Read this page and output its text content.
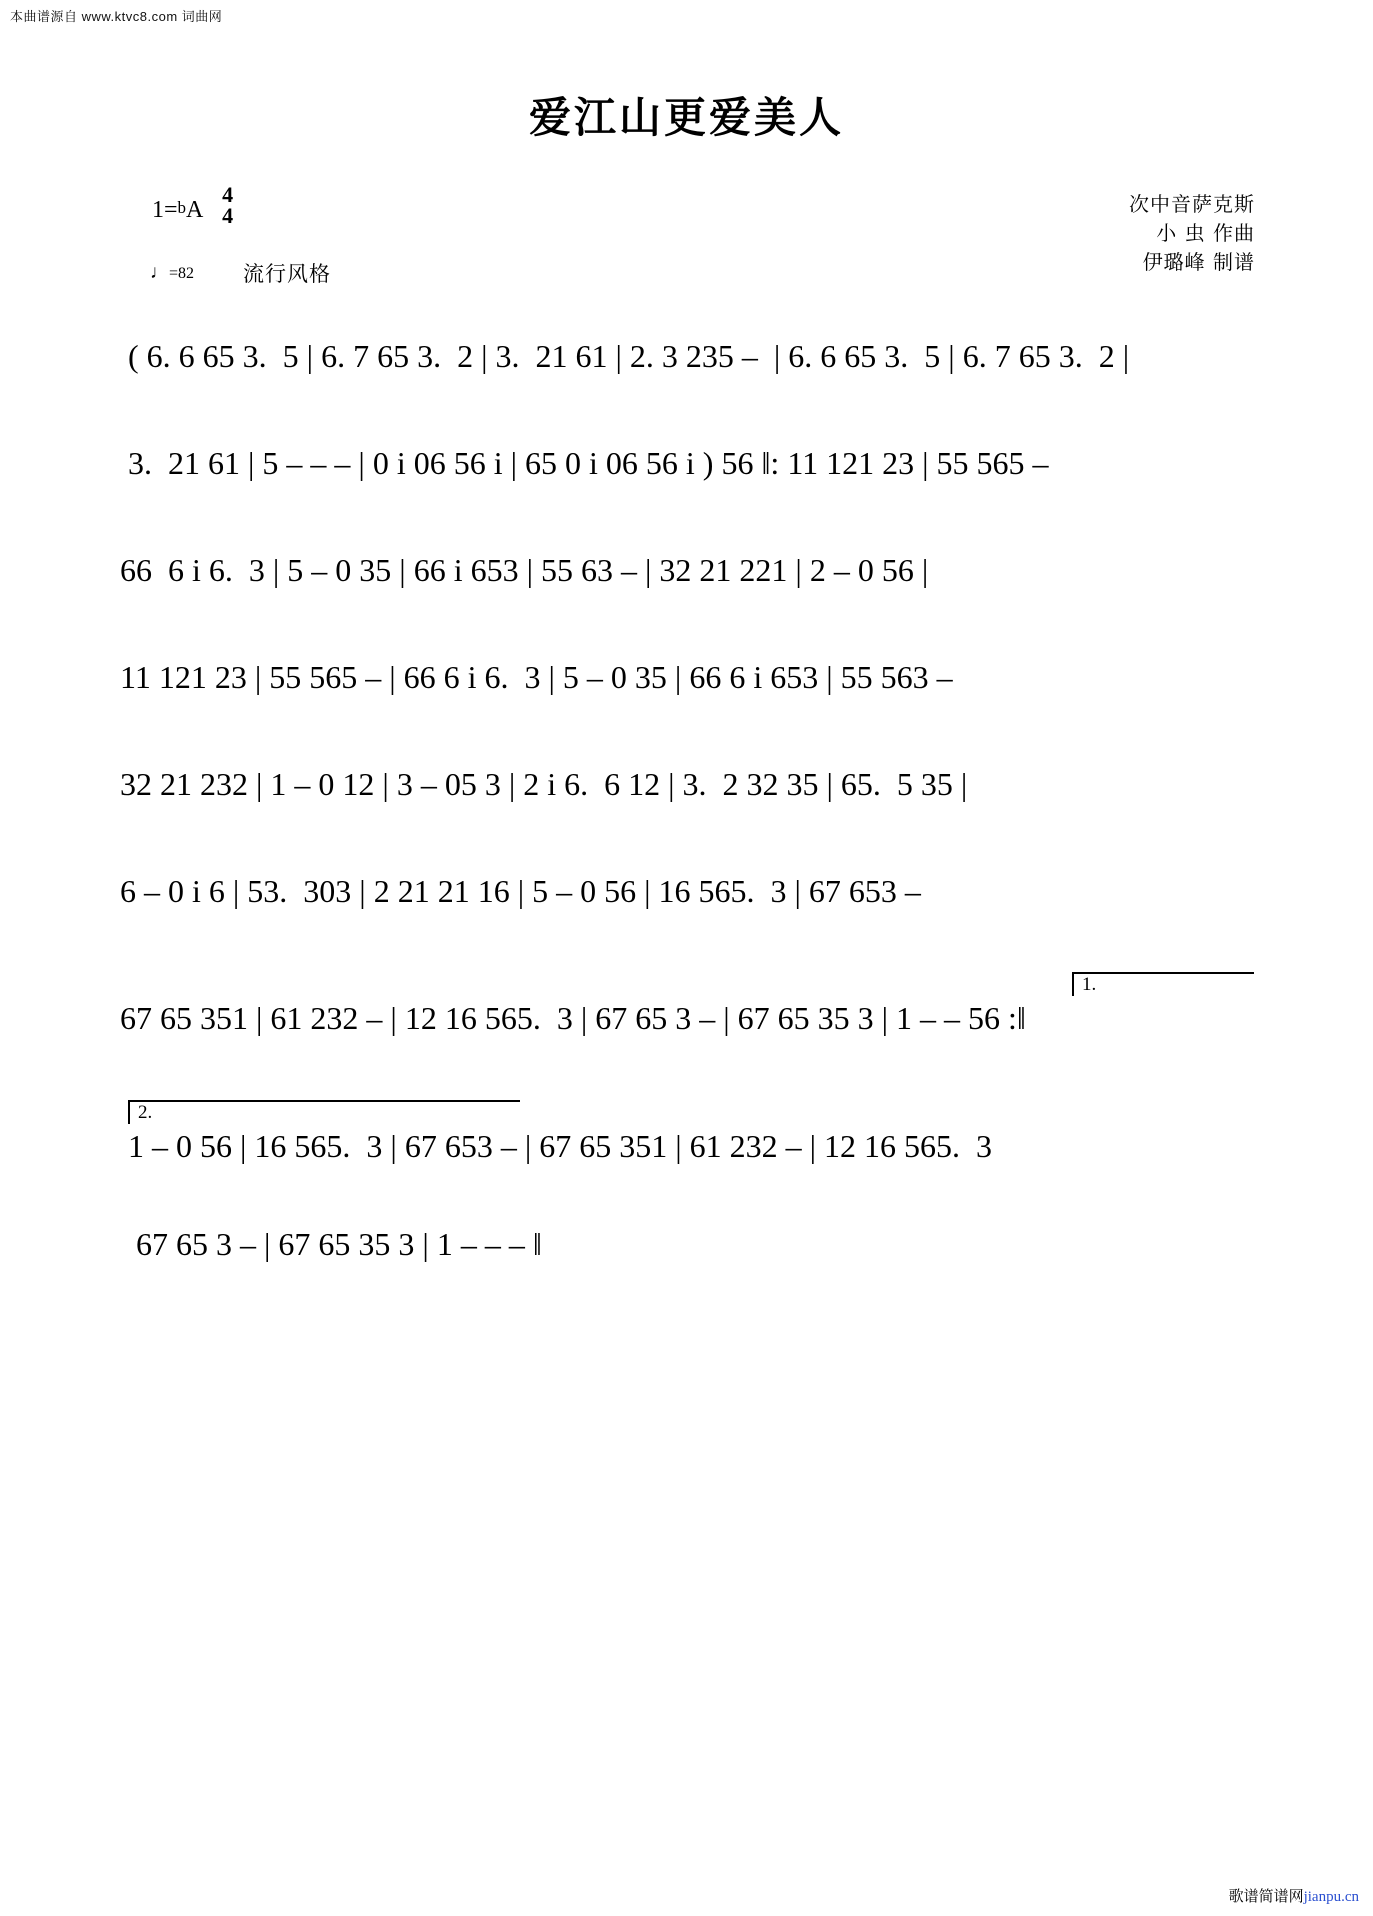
本曲谱源自 www.ktvc8.com 词曲网
爱江山更爱美人
1=bA
4
4
♩=82 流行风格
次中音萨克斯
小 虫 作曲
伊璐峰 制谱

( 6. 6 65 3.  5 | 6. 7 65 3.  2 | 3.  21 61 | 2. 3 235 –  | 6. 6 65 3.  5 | 6. 7 65 3.  2 |

3.  21 61 | 5 – – – | 0 i 06 56 i | 65 0 i 06 56 i ) 56 ‖: 11 121 23 | 55 565 –

66  6 i 6.  3 | 5 – 0 35 | 66 i 653 | 55 63 – | 32 21 221 | 2 – 0 56 |

11 121 23 | 55 565 – | 66 6 i 6.  3 | 5 – 0 35 | 66 6 i 653 | 55 563 –

32 21 232 | 1 – 0 12 | 3 – 05 3 | 2 i 6.  6 12 | 3.  2 32 35 | 65.  5 35 |

6 – 0 i 6 | 53.  303 | 2 21 21 16 | 5 – 0 56 | 16 565.  3 | 67 653 –

1.

67 65 351 | 61 232 – | 12 16 565.  3 | 67 65 3 – | 67 65 35 3 | 1 – – 56 :‖

2.

1 – 0 56 | 16 565.  3 | 67 653 – | 67 65 351 | 61 232 – | 12 16 565.  3

67 65 3 – | 67 65 35 3 | 1 – – – ‖

歌谱简谱网jianpu.cn
